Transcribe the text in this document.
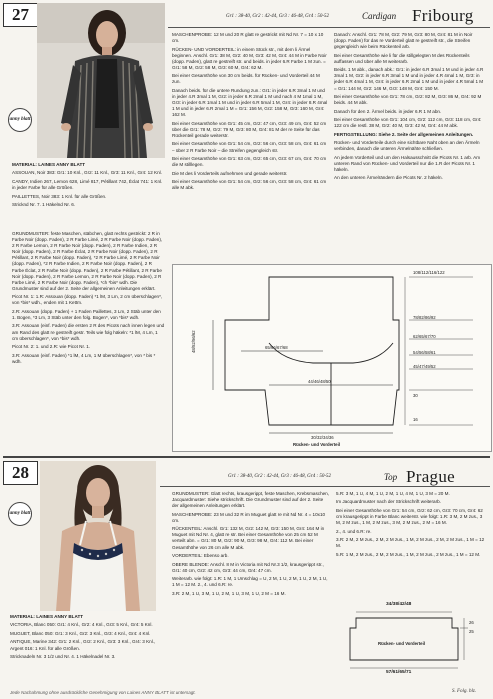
27
anny blatt
Gr1 : 38-40, Gr2 : 42-44, Gr3 : 46-48, Gr4 : 50-52	Cardigan Fribourg

MATERIAL: LAINES ANNY BLATT

ASSOUAN, Noir 383: Gr1: 10 Knl., Gr2: 11 Knl., Gr3: 11 Knl., Gr4: 12 Knl.

CANDY, Indien 267, Lemon 628, Limé 817, Pétillant 742, Éclat 741: 1 Knl. in jeder Farbe für alle Größen.

PAILLETTES, Noir 383: 1 Knl. für alle Größen.

Stricknd Nr. 7. 1 Häkelnd Nr. 6.

GRUNDMUSTER: feste Maschen, stäbchen, glatt rechts gestrickt: 2 R in Farbe Noir (dopp. Faden), 2 R Farbe Limé, 2 R Farbe Noir (dopp. Faden), 2 R Farbe Lemon, 2 R Farbe Noir (dopp. Faden), 2 R Farbe Indien, 2 R Noir (dopp. Faden), 2 R Farbe Éclat, 2 R Farbe Noir (dopp. Faden), 2 R Pétillant, 2 R Farbe Noir (dopp. Faden), *2 R Farbe Limé, 2 R Farbe Noir (dopp. Faden), *2 R Farbe Indien, 2 R Farbe Noir (dopp. Faden), 2 R Farbe Éclat, 2 R Farbe Noir (dopp. Faden), 2 R Farbe Pétillant, 2 R Farbe Noir (dopp. Faden), 2 R Farbe Lemon, 2 R Farbe Noir (dopp. Faden), 2 R Farbe Limé, 2 R Farbe Noir (dopp. Faden), *ch *bis* wdh. Die Grundmuster sind auf der 2. Seite der allgemeinen Anleitungen erklärt.

Picot Nr. 1: 1.R: Assouan (dopp. Faden) *1 lM, 3 Lm, 2 cm überschlagen*, von *bis* wdh., enden mit 1 Kettm.

2.R: Assouan (dopp. Faden) + 1 Faden Paillettes, 3 Lm, 2 Stäb unter den 1. Bogen, *3 Lm, 3 Stäb unter den folg. Bogen*, von *bis* wdh.

3.R: Assouan (einf. Faden) die ersten 2 R des Picots nach innen legen und am Rand des glatt re gestreift gestr. Teils wie folg häkeln: *1 lM, 4 Lm, 1 cm überschlagen*, von *bis* wdh.

Picot Nr. 2: 1. und 2.R: wie Picot Nr. 1.

3.R: Assouan (einf. Faden) *1 lM, 4 Lm, 1 M überschlagen*, von * bis * wdh.

MASCHENPROBE: 12 M und 20 R glatt re gestrickt mit Nd Nr. 7 = 10 x 10 cm.

RÜCKEN- UND VORDERTEIL: in einem Stück str., mit dem li Ärmel beginnen. Anschl. Gr1: 38 M, Gr2: 40 M, Gr3: 42 M, Gr4: 44 M in Farbe Noir (dopp. Faden), glatt re gestreift str. und beids. in jeder 6.R Farbe 1 M zun. = Gr1: 58 M, Gr2: 58 M, Gr3: 60 M, Gr4: 62 M.

Bei einer Gesamthöhe von 30 cm beids. für Rücken- und Vorderteil 44 M zun.

Danach beids. für die untere Rundung zun.: Gr1: in jeder 6.R 3mal 1 M und in jeder 4.R 3mal 1 M, Gr2: in jeder 6.R 2mal 1 M und nach 4 M 1mal 1 M, Gr3: in jeder 6.R 1mal 1 M und in jeder 6.R 5mal 1 M, Gr4: in jeder 8.R 4mal 1 M und in jeder 6.R 2mal 1 M = Gr1: 156 M, Gr2: 158 M, Gr3: 160 M, Gr4: 162 M.

Bei einer Gesamthöhe von Gr1: 45 cm, Gr2: 47 cm, Gr3: 49 cm, Gr4: 52 cm über die Gr1: 78 M, Gr2: 79 M, Gr3: 80 M, Gr4: 81 M der re Seite für das Rückenteil gerade weiterstr.

Bei einer Gesamthöhe von Gr1: 54 cm, Gr2: 56 cm, Gr3: 58 cm, Gr4: 61 cm – über 2 R Farbe Noir – die Streifen gegengleich str.

Bei einer Gesamthöhe von Gr1: 63 cm, Gr2: 65 cm, Gr3: 67 cm, Gr4: 70 cm die M stilllegen.

Die M des li Vorderteils aufnehmen und gerade weiterstr.

Bei einer Gesamthöhe von Gr1: 54 cm, Gr2: 56 cm, Gr3: 58 cm, Gr4: 61 cm alle M abk.

Danach: Anschl. Gr1: 78 M, Gr2: 79 M, Gr3: 80 M, Gr4: 81 M in Noir (dopp. Faden) für das re Vorderteil glatt re gestreift str., die Streifen gegengleich wie beim Rückenteil arb.

Bei einer Gesamthöhe wie li für die stillgelegten M des Rückenteils auffassen und über alle M weiterarb.

Beids. 1 M abk., danach abk.: Gr1: in jeder 6.R 3mal 1 M und in jeder 4.R 3mal 1 M, Gr2: in jeder 6.R 3mal 1 M und in jeder 4.R 4mal 1 M, Gr3: in jeder 6.R 4mal 1 M, Gr4: in jeder 6.R 2mal 1 M und in jeder 4.R 5mal 1 M = Gr1: 144 M, Gr2: 146 M, Gr3: 148 M, Gr4: 150 M.

Bei einer Gesamthöhe von Gr1: 78 cm, Gr2: 82 M, Gr3: 86 M, Gr4: 92 M beids. 44 M abk.

Danach für den 2. Ärmel beids. in jeder 6.R 1 M abn.

Bei einer Gesamthöhe von Gr1: 104 cm, Gr2: 112 cm, Gr3: 118 cm, Gr4: 122 cm die restl. 38 M, Gr2: 40 M, Gr3: 42 M, Gr4: 44 M abk.

FERTIGSTELLUNG: Siehe 2. Seite der allgemeinen Anleitungen.

Rücken- und Vorderteile durch eine sichtbare Naht oben an den Ärmeln verbinden, danach die unteren Ärmelnähte schließen.

An jedem Vorderteil und um den Halsausschnitt die Picots Nr. 1 arb. Am unteren Rand von Rücken- und Vorderteil nur die 1.R der Picots Nr. 1 häkeln.

An den unteren Ärmelrändern die Picots Nr. 2 häkeln.

108/112/116/122
78/82/86/92
62/65/67/70
54/56/58/61
45/47/49/52
30
16
48/52/56/62	65/66/67/68
44/46/48/50
30/32/34/36
Rücken- und Vorderteil
28
anny blatt
Gr1 : 38-40, Gr2 : 42-44, Gr3 : 46-48, Gr4 : 50-52	Top Prague

MATERIAL: LAINES ANNY BLATT

VICTORIA, Blanc 050: Gr1: 4 Knl., Gr2: 4 Knl., Gr3: 5 Knl., Gr4: 5 Knl.

MUGUET, Blanc 050: Gr1: 3 Knl., Gr2: 3 Knl., Gr3: 4 Knl., Gr4: 4 Knl.

ANTIQUE, Marine 342: Gr1: 2 Knl., Gr2: 2 Knl., Gr3: 3 Knl., Gr4: 3 Knl., Argent 016: 1 Knl. für alle Größen.

Stricknadeln Nr. 3 1/2 und Nr. 4. 1 Häkelnadel Nr. 3.

GRUNDMUSTER: Glatt rechts, krausgerippt, feste Maschen, Krebsmaschen, Jacquardmuster: Siehe strickschrift. Die Grundmuster sind auf der 2. Seite der allgemeinen Anleitungen erklärt.

MASCHENPROBE: 23 M und 32 R im Muguet glatt re mit Nd Nr. 4 = 10x10 cm.

RÜCKENTEIL: Anschl. Gr1: 132 M, Gr2: 142 M, Gr3: 150 M, Gr4: 164 M in Muguet mit Nd Nr. 4, glatt re str. Bei einer Gesamthöhe von 25 cm 52 M verteilt abn. = Gr1: 80 M, Gr2: 90 M, Gr3: 98 M, Gr4: 112 M. Bei einer Gesamthöhe von 26 cm alle M abk.

VORDERTEIL: Ebenso arb.

OBERE BLENDE: Anschl. 8 M in Victoria mit Nd Nr.3 1/2, krausgerippt str., Gr1: 40 cm, Gr2: 42 cm, Gr3: 44 cm, Gr4: 47 cm.

Weiterarb. wie folgt: 1.R: 1 M, 1 Umschlag = U, 2 M, 1 U, 2 M, 1 U, 2 M, 1 U, 1 M = 12 M. 2., 4. und 6.R: re.

3.R: 2 M, 1 U, 3 M, 1 U, 2 M, 1 U, 3 M, 1 U, 2 M = 16 M.

5.R: 3 M, 1 U, 4 M, 1 U, 2 M, 1 U, 4 M, 1 U, 3 M = 20 M.

Im Jacquardmuster nach der Strickschrift weiterarb.

Bei einer Gesamthöhe von Gr1: 54 cm, Gr2: 62 cm, Gr3: 70 cm, Gr4: 62 cm krausgerippt in Farbe Blanc weiterstr. wie folgt: 1.R: 3 M, 2 M zus., 3 M, 2 M zus., 1 M, 2 M zus., 3 M, 2 M zus., 2 M = 16 M.

2., 4. und 6.R: re.

3.R: 2 M, 2 M zus., 2 M, 2 M zus., 1 M, 2 M zus., 2 M, 2 M zus., 1 M = 12 M.

5.R: 1 M, 2 M zus., 2 M, 2 M zus., 1 M, 2 M zus., 2 M zus., 1 M = 12 M.

34/38/42/48
26
25
57/61/65/71
Rücken- und Vorderteil
Jede Nachahmung ohne ausdrückliche Genehmigung von Laines ANNY BLATT ist untersagt.	S. Folg. blz.
